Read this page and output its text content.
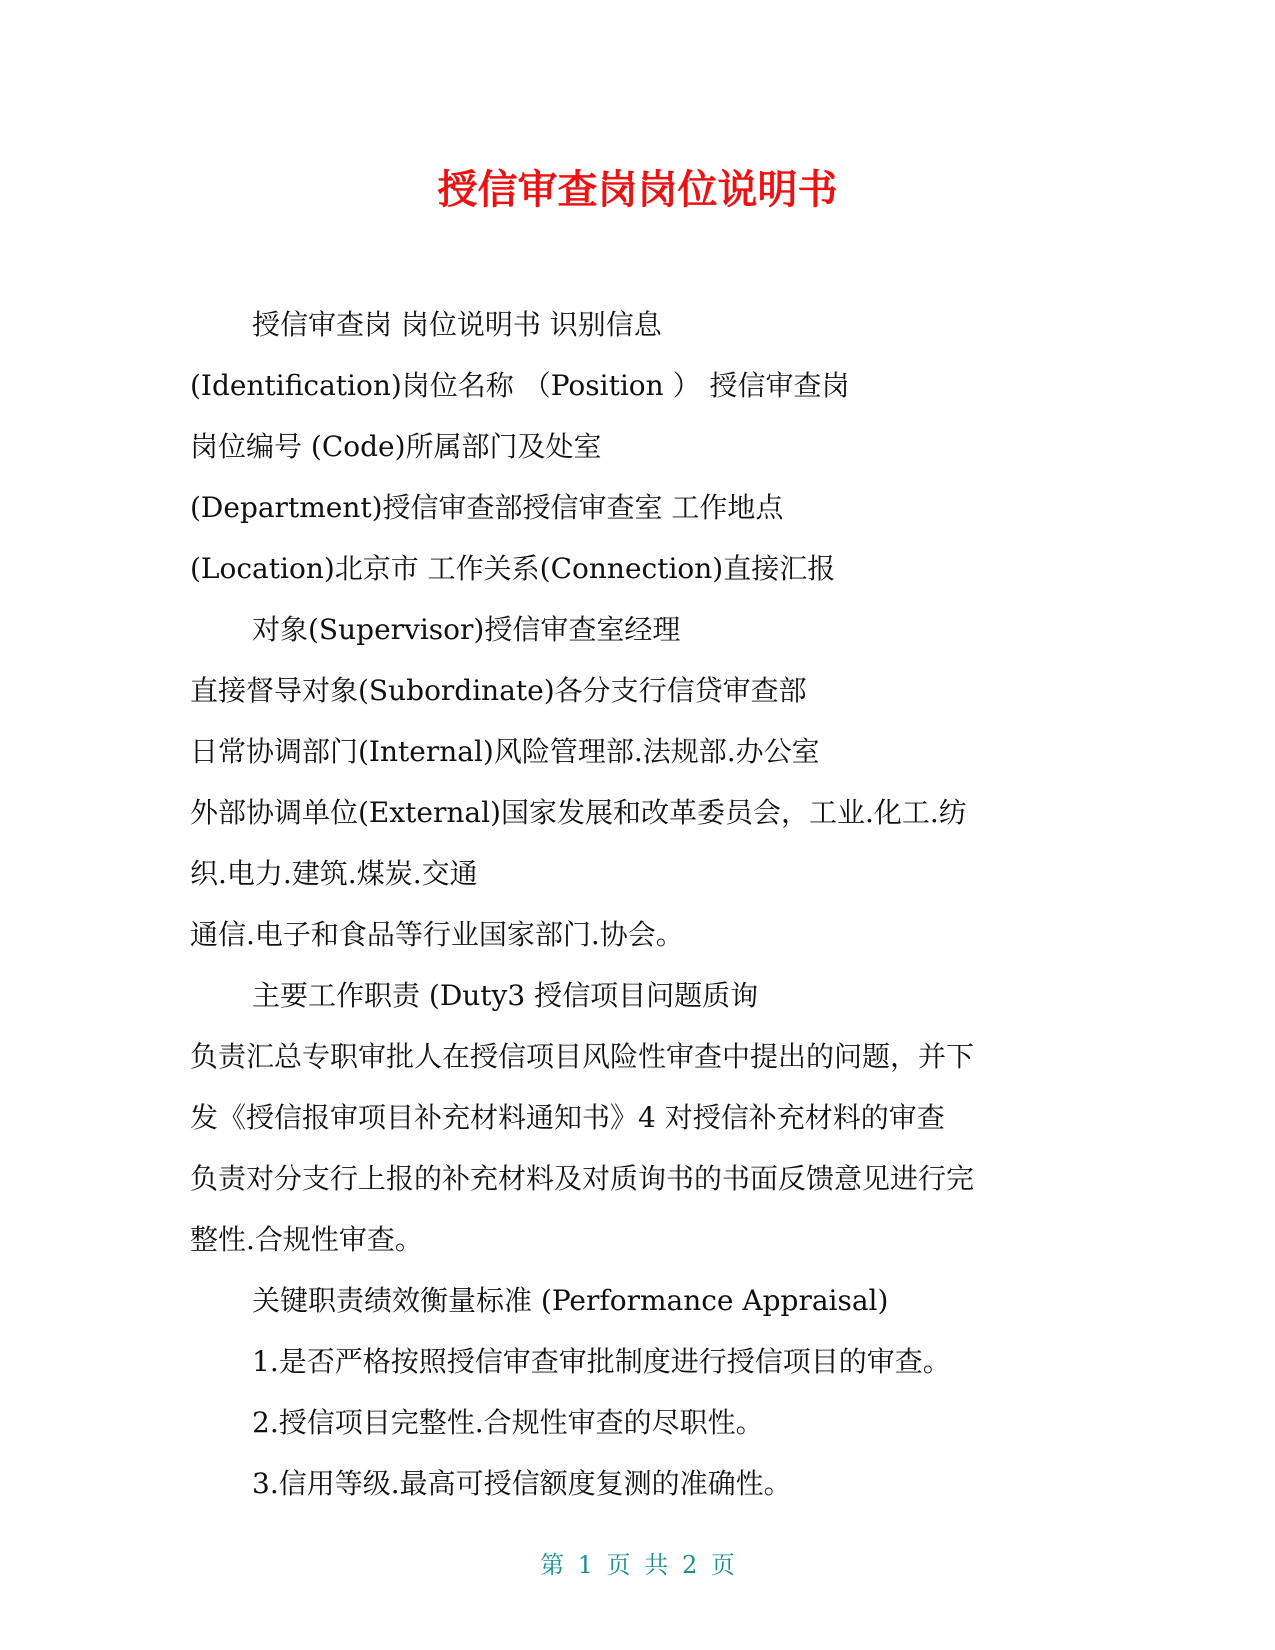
授信审查岗岗位说明书

授信审查岗 岗位说明书 识别信息

(Identification)岗位名称 （Position ） 授信审查岗

岗位编号 (Code)所属部门及处室

(Department)授信审查部授信审查室 工作地点

(Location)北京市 工作关系(Connection)直接汇报

对象(Supervisor)授信审查室经理

直接督导对象(Subordinate)各分支行信贷审查部

日常协调部门(Internal)风险管理部.法规部.办公室

外部协调单位(External)国家发展和改革委员会，工业.化工.纺

织.电力.建筑.煤炭.交通

通信.电子和食品等行业国家部门.协会。

主要工作职责 (Duty3 授信项目问题质询

负责汇总专职审批人在授信项目风险性审查中提出的问题，并下

发《授信报审项目补充材料通知书》4 对授信补充材料的审查

负责对分支行上报的补充材料及对质询书的书面反馈意见进行完

整性.合规性审查。

关键职责绩效衡量标准 (Performance Appraisal)

1.是否严格按照授信审查审批制度进行授信项目的审查。

2.授信项目完整性.合规性审查的尽职性。

3.信用等级.最高可授信额度复测的准确性。

第 1 页 共 2 页
